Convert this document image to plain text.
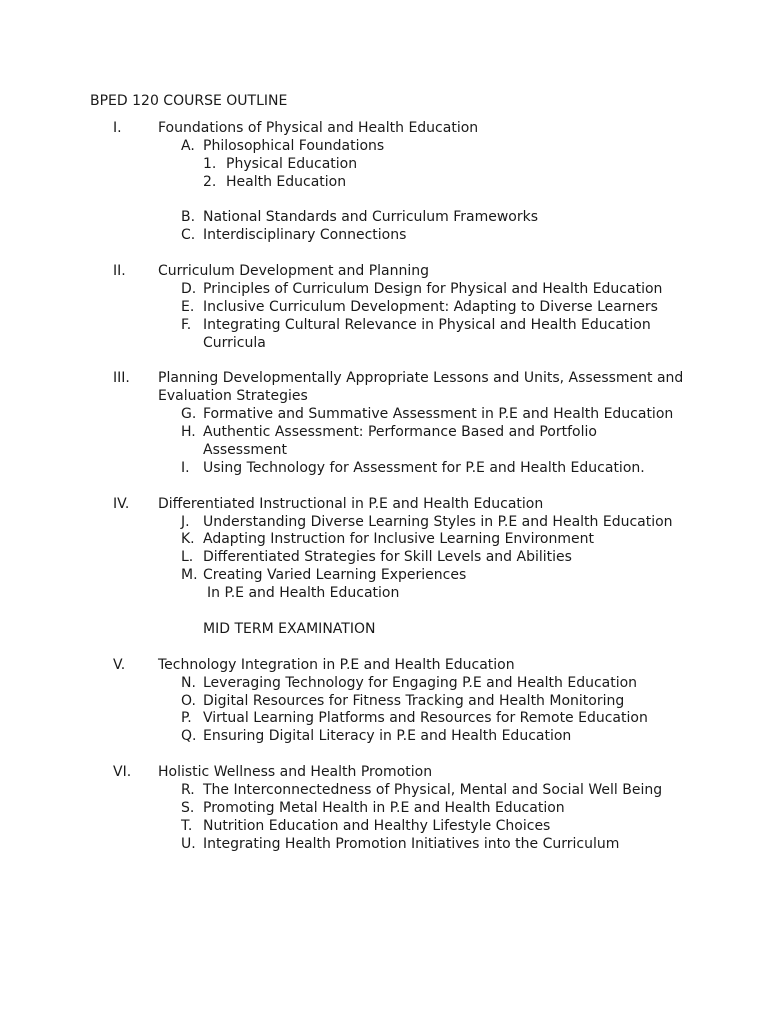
BPED 120 COURSE OUTLINE
I.	Foundations of Physical and Health Education
A. Philosophical Foundations
1. Physical Education
2. Health Education
B. National Standards and Curriculum Frameworks
C. Interdisciplinary Connections
II. Curriculum Development and Planning
D. Principles of Curriculum Design for Physical and Health Education
E. Inclusive Curriculum Development: Adapting to Diverse Learners
F. Integrating Cultural Relevance in Physical and Health Education
Curricula
III. Planning Developmentally Appropriate Lessons and Units, Assessment and
Evaluation Strategies
G. Formative and Summative Assessment in P.E and Health Education
H. Authentic Assessment: Performance Based and Portfolio
Assessment
I. Using Technology for Assessment for P.E and Health Education.
IV. Differentiated Instructional in P.E and Health Education
J. Understanding Diverse Learning Styles in P.E and Health Education
K. Adapting Instruction for Inclusive Learning Environment
L. Differentiated Strategies for Skill Levels and Abilities
M. Creating Varied Learning Experiences
In P.E and Health Education
MID TERM EXAMINATION
V. Technology Integration in P.E and Health Education
N. Leveraging Technology for Engaging P.E and Health Education
O. Digital Resources for Fitness Tracking and Health Monitoring
P. Virtual Learning Platforms and Resources for Remote Education
Q. Ensuring Digital Literacy in P.E and Health Education
VI. Holistic Wellness and Health Promotion
R. The Interconnectedness of Physical, Mental and Social Well Being
S. Promoting Metal Health in P.E and Health Education
T. Nutrition Education and Healthy Lifestyle Choices
U. Integrating Health Promotion Initiatives into the Curriculum
